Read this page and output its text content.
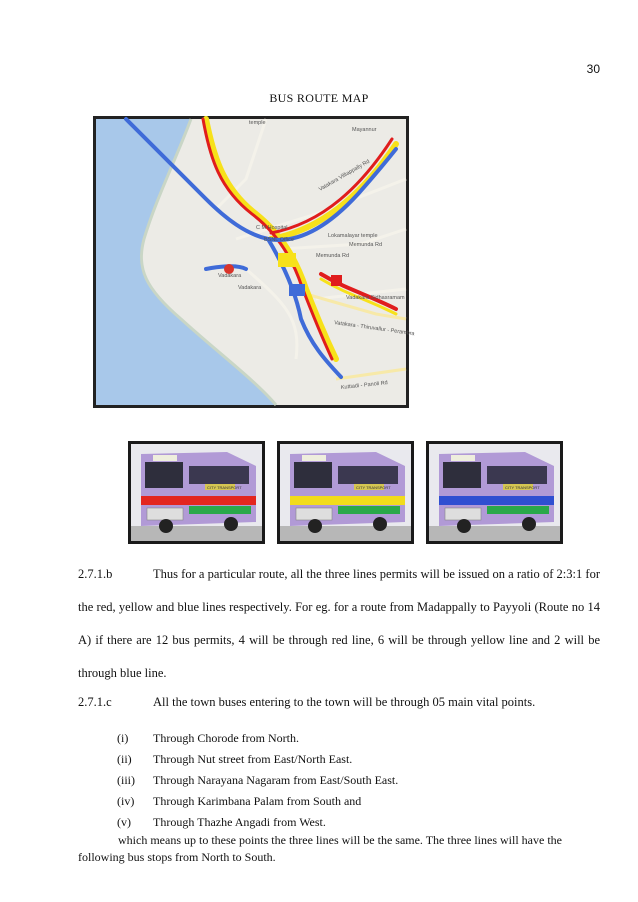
30
BUS ROUTE MAP
Mayannur
Vatakara Villiappally Rd
C M Hospital
BSNL Office
Lokamalayar temple
Memunda Rd
Memunda Rd
Vadakara
Vadakara
Vadakara Sidhasramam
Vatakara - Thiruvallur - Perambra
temple
Kuttiadi - Panoli Rd
CITY TRANSPORT	CITY TRANSPORT	CITY TRANSPORT
2.7.1.b	Thus for a particular route, all the three lines permits will be issued on a ratio of 2:3:1 for the red, yellow and blue lines respectively. For eg. for a route from Madappally to Payyoli (Route no 14 A) if there are 12 bus permits, 4 will be through red line, 6 will be through yellow line and 2 will be through blue line.
2.7.1.c	All the town buses entering to the town will be through 05 main vital points.
(i) Through Chorode from North.
(ii) Through Nut street from East/North East.
(iii) Through Narayana Nagaram from East/South East.
(iv) Through Karimbana Palam from South and
(v) Through Thazhe Angadi from West.
which means up to these points the three lines will be the same. The three lines will have the
following bus stops from North to South.
